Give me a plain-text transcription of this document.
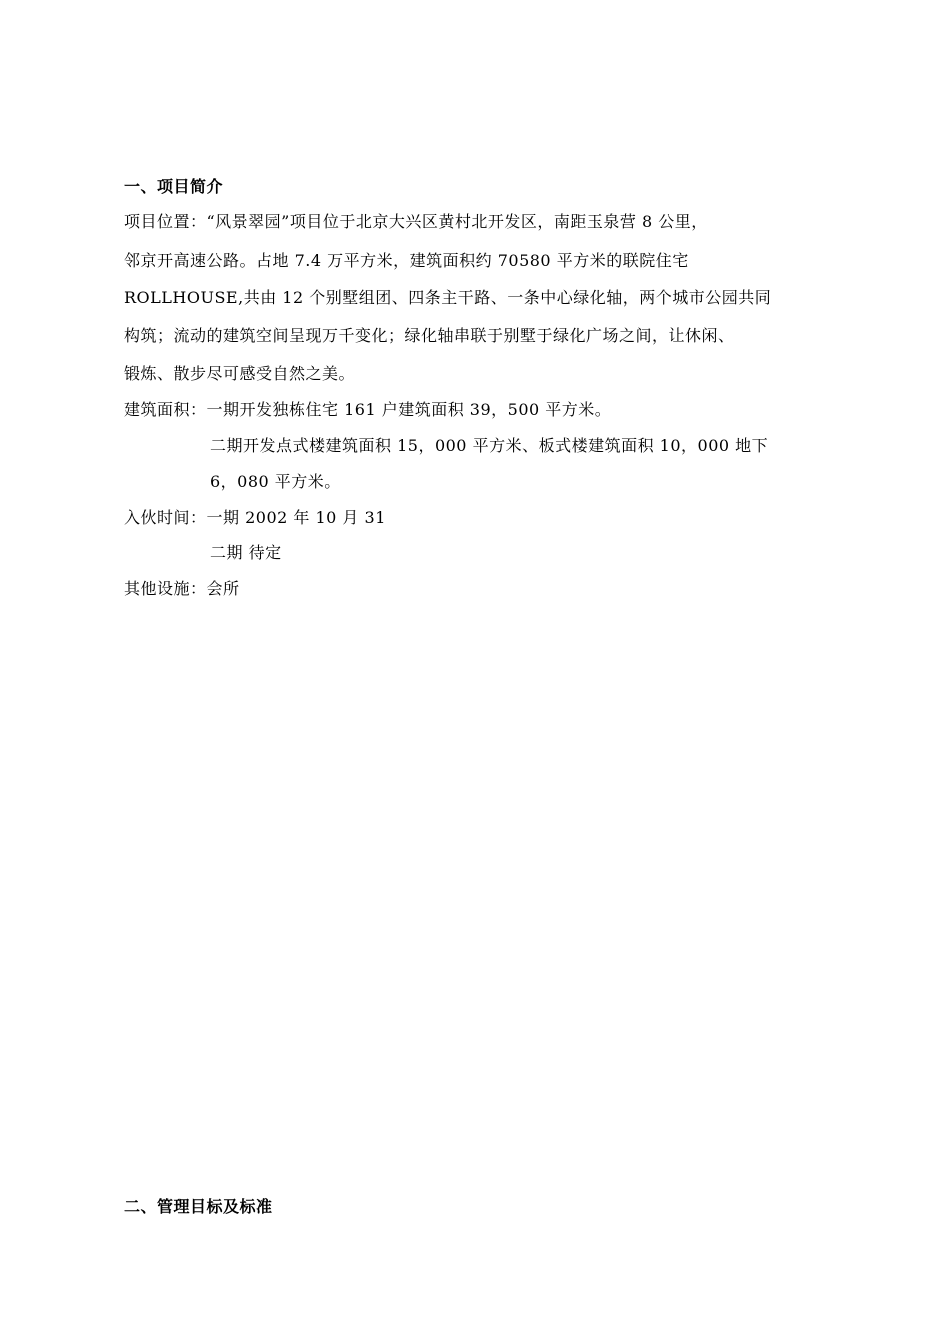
一、项目简介
项目位置：“风景翠园”项目位于北京大兴区黄村北开发区，南距玉泉营 8 公里，
邻京开高速公路。占地 7.4 万平方米，建筑面积约 70580 平方米的联院住宅
ROLLHOUSE,共由 12 个别墅组团、四条主干路、一条中心绿化轴，两个城市公园共同
构筑；流动的建筑空间呈现万千变化；绿化轴串联于别墅于绿化广场之间，让休闲、
锻炼、散步尽可感受自然之美。
建筑面积：一期开发独栋住宅 161 户建筑面积 39，500 平方米。
二期开发点式楼建筑面积 15，000 平方米、板式楼建筑面积 10，000 地下
6，080 平方米。
入伙时间：一期 2002 年 10 月 31
二期 待定
其他设施：会所
二、管理目标及标准
